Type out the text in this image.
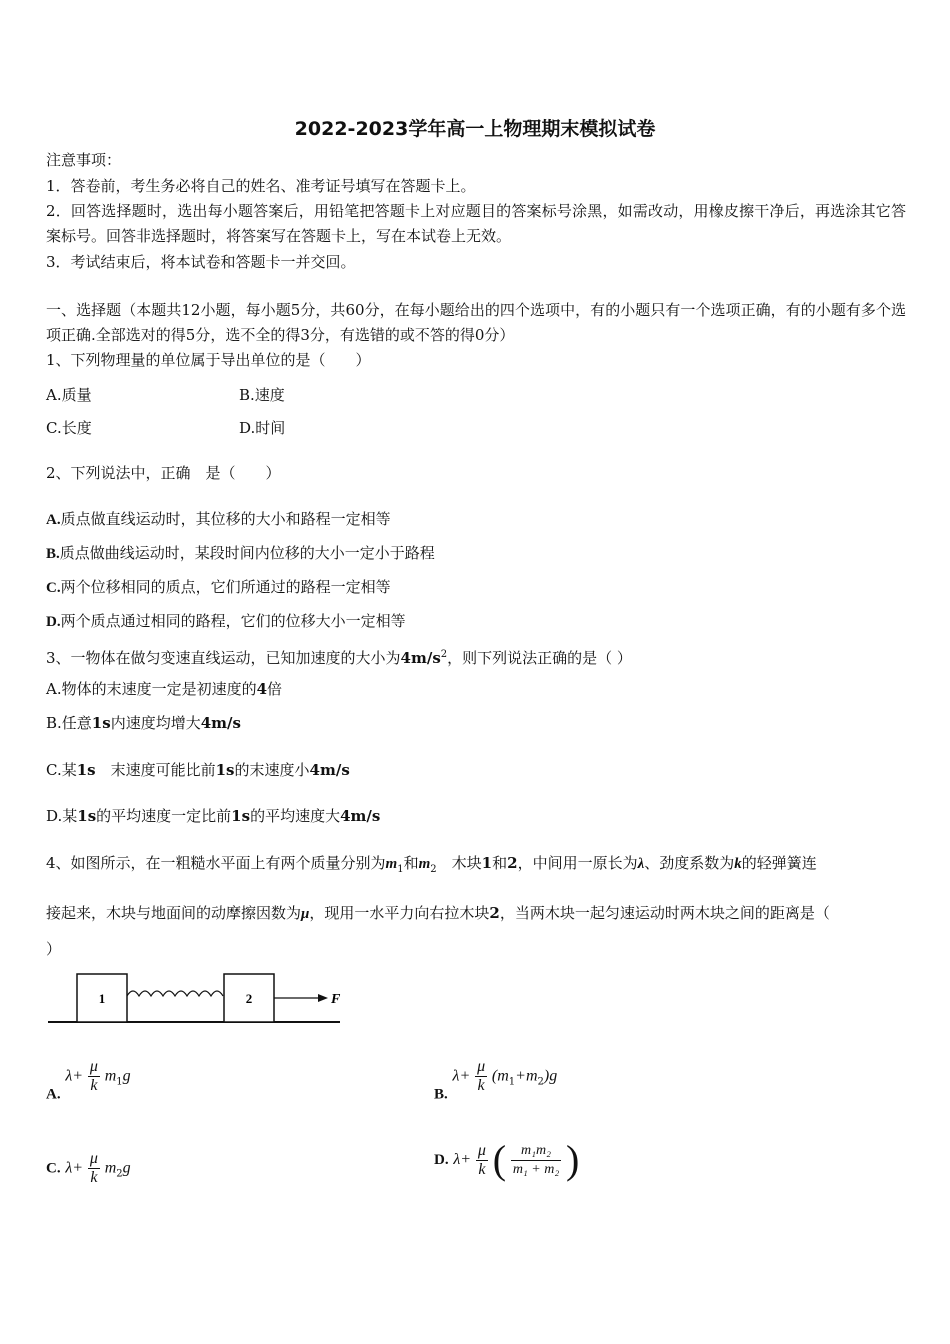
2022-2023学年高一上物理期末模拟试卷
注意事项：
1．答卷前，考生务必将自己的姓名、准考证号填写在答题卡上。
2．回答选择题时，选出每小题答案后，用铅笔把答题卡上对应题目的答案标号涂黑，如需改动，用橡皮擦干净后，再选涂其它答案标号。回答非选择题时，将答案写在答题卡上，写在本试卷上无效。
3．考试结束后，将本试卷和答题卡一并交回。
一、选择题（本题共12小题，每小题5分，共60分，在每小题给出的四个选项中，有的小题只有一个选项正确，有的小题有多个选项正确.全部选对的得5分，选不全的得3分，有选错的或不答的得0分）
1、下列物理量的单位属于导出单位的是（　　）
A.质量	B.速度
C.长度	D.时间
2、下列说法中，正确　是（　　）
A.质点做直线运动时，其位移的大小和路程一定相等
B.质点做曲线运动时，某段时间内位移的大小一定小于路程
C.两个位移相同的质点，它们所通过的路程一定相等
D.两个质点通过相同的路程，它们的位移大小一定相等
3、一物体在做匀变速直线运动，已知加速度的大小为$4m/s^2$，则下列说法正确的是（ ）
A.物体的末速度一定是初速度的4倍
B.任意1s内速度均增大4m/s
C.某1s　末速度可能比前1s的末速度小4m/s
D.某1s的平均速度一定比前1s的平均速度大4m/s
4、如图所示，在一粗糙水平面上有两个质量分别为$m_1$和$m_2$　木块1和2，中间用一原长为λ、劲度系数为k的轻弹簧连
接起来，木块与地面间的动摩擦因数为μ，现用一水平力向右拉木块2，当两木块一起匀速运动时两木块之间的距离是（
）
1	2	F
A. $\lambda+ \frac{\mu}{k} m_1g$
B. $\lambda+ \frac{\mu}{k} (m_1+m_2)g$
C. $\lambda+ \frac{\mu}{k} m_2g$	D. $\lambda+ \frac{\mu}{k}$ ( $\frac{\text{m₁m₂}}{\text{m₁ + m₂}}$ )
